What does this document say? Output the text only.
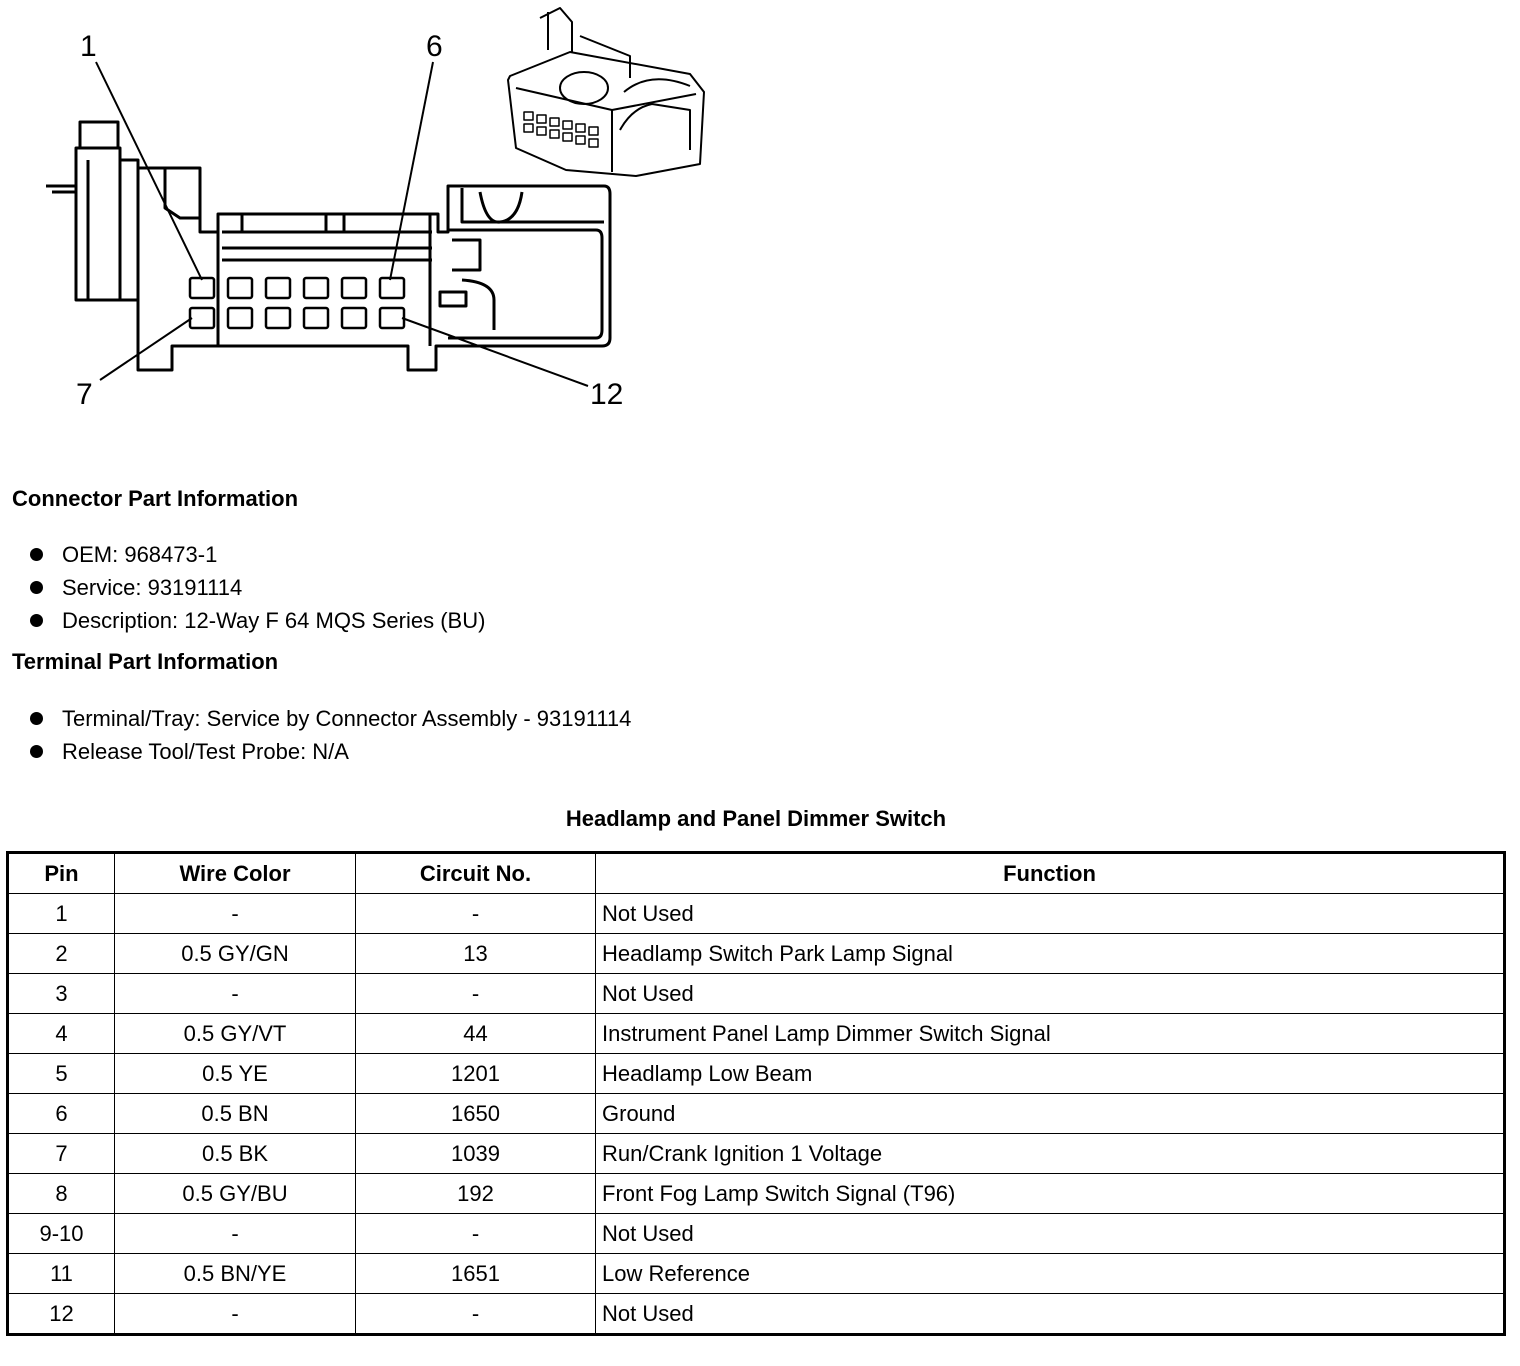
1	6
7	12
Connector Part Information
OEM: 968473-1
Service: 93191114
Description: 12-Way F 64 MQS Series (BU)
Terminal Part Information
Terminal/Tray: Service by Connector Assembly - 93191114
Release Tool/Test Probe: N/A
Headlamp and Panel Dimmer Switch
Pin	Wire Color	Circuit No.	Function
1	-	-	Not Used
2	0.5 GY/GN	13	Headlamp Switch Park Lamp Signal
3	-	-	Not Used
4	0.5 GY/VT	44	Instrument Panel Lamp Dimmer Switch Signal
5	0.5 YE	1201	Headlamp Low Beam
6	0.5 BN	1650	Ground
7	0.5 BK	1039	Run/Crank Ignition 1 Voltage
8	0.5 GY/BU	192	Front Fog Lamp Switch Signal (T96)
9-10	-	-	Not Used
11	0.5 BN/YE	1651	Low Reference
12	-	-	Not Used
